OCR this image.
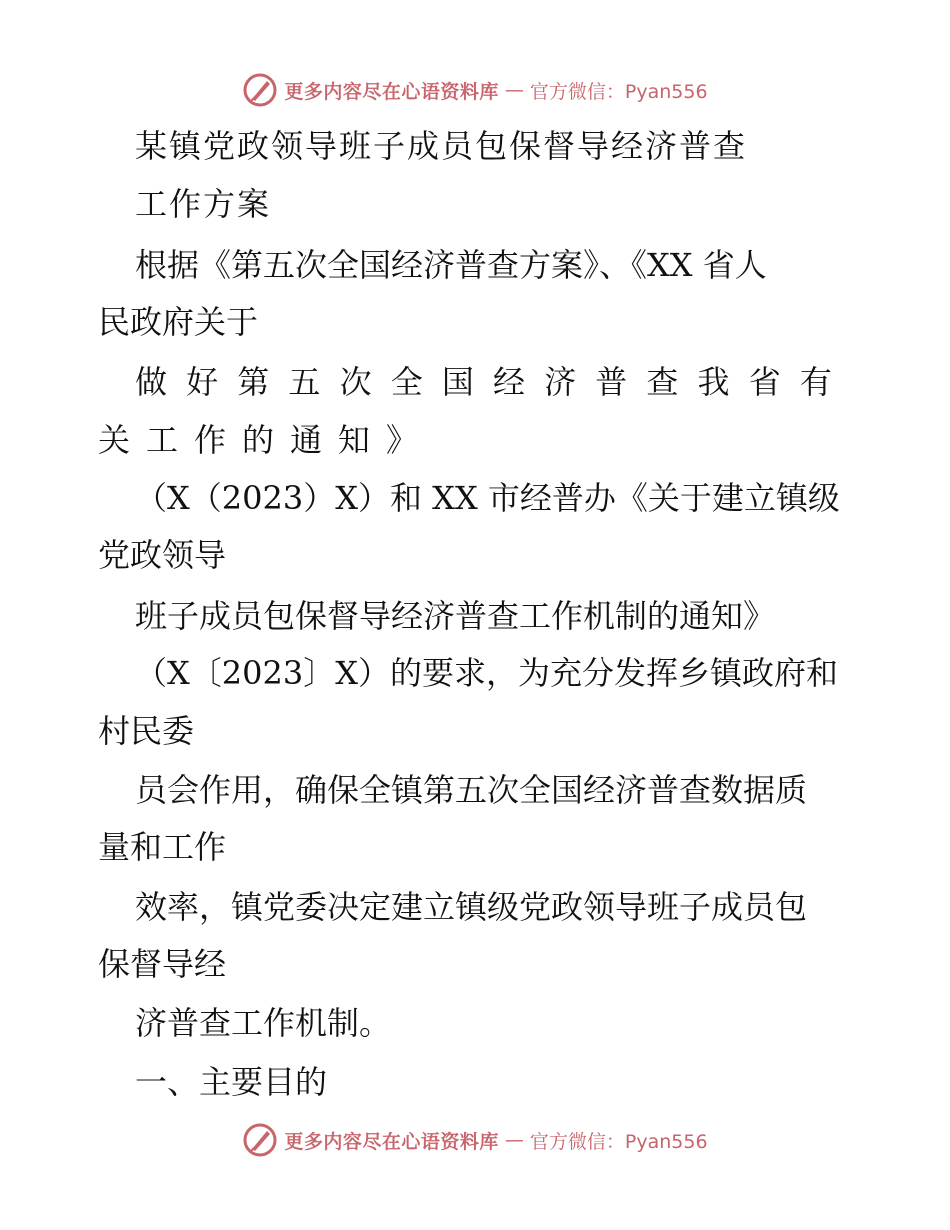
更多内容尽在心语资料库 — 官方微信：Pyan556
某镇党政领导班子成员包保督导经济普查
工作方案
根据《第五次全国经济普查方案》、《XX 省人
民政府关于
做 好 第 五 次 全 国 经 济 普 查 我 省 有
关 工 作 的 通 知 》
（X（2023）X）和 XX 市经普办《关于建立镇级
党政领导
班子成员包保督导经济普查工作机制的通知》
（X〔2023〕X）的要求，为充分发挥乡镇政府和
村民委
员会作用，确保全镇第五次全国经济普查数据质
量和工作
效率，镇党委决定建立镇级党政领导班子成员包
保督导经
济普查工作机制。
一、主要目的
更多内容尽在心语资料库 — 官方微信：Pyan556
